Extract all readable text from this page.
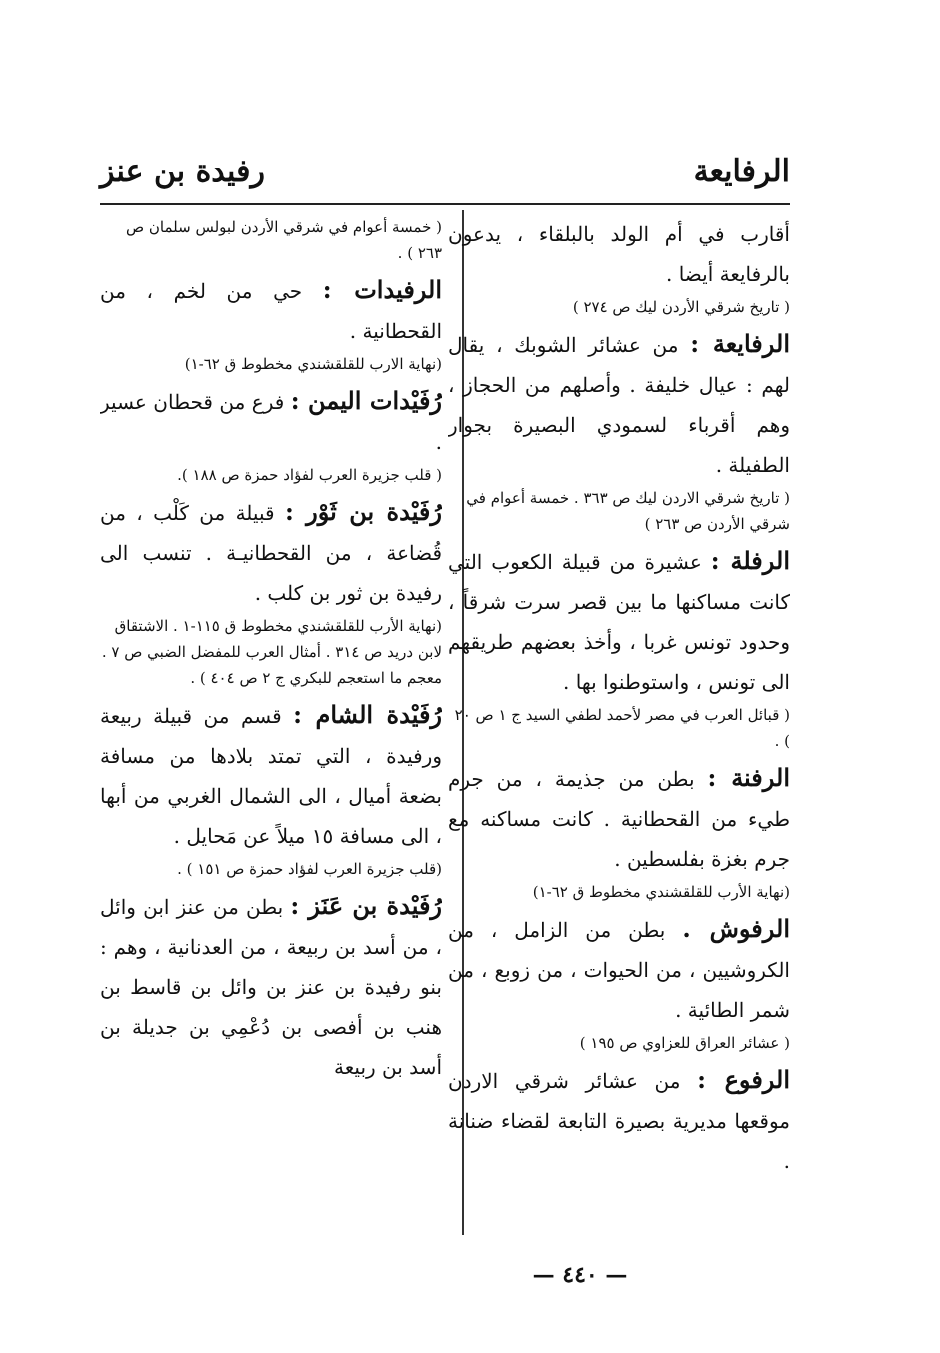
الرفايعة
رفيدة بن عنز

أقارب في أم الولد بالبلقاء ، يدعون بالرفايعة أيضا .

( تاريخ شرقي الأردن ليك ص ٢٧٤ )

الرفايعة : من عشائر الشوبك ، يقال لهم : عيال خليفة . وأصلهم من الحجاز ، وهم أقرباء لسمودي البصيرة بجوار الطفيلة .

( تاريخ شرقي الاردن ليك ص ٣٦٣ . خمسة أعوام في شرقي الأردن ص ٢٦٣ )

الرفلة : عشيرة من قبيلة الكعوب التي كانت مساكنها ما بين قصر سرت شرقاً ، وحدود تونس غربا ، وأخذ بعضهم طريقهم الى تونس ، واستوطنوا بها .

( قبائل العرب في مصر لأحمد لطفي السيد ج ١ ص ٢٠ ) .

الرفنة : بطن من جذيمة ، من جرم طيء من القحطانية . كانت مساكنه مع جرم بغزة بفلسطين .

(نهاية الأرب للقلقشندي مخطوط ق ٦٢-١)

الرفوش . بطن من الزامل ، من الكروشيين ، من الحيوات ، من زوبع ، من شمر الطائية .

( عشائر العراق للعزاوي ص ١٩٥ )

الرفوع : من عشائر شرقي الاردن موقعها مديرية بصيرة التابعة لقضاء ضنانة .

( خمسة أعوام في شرقي الأردن لبولس سلمان ص ٢٦٣ ) .

الرفيدات : حي من لخم ، من القحطانية .

(نهاية الارب للقلقشندي مخطوط ق ٦٢-١)

رُفَيْدات اليمن : فرع من قحطان عسير .

( قلب جزيرة العرب لفؤاد حمزة ص ١٨٨ ).

رُفَيْدة بن ثَوْر : قبيلة من كَلْب ، من قُضاعة ، من القحطانيـة . تنسب الى رفيدة بن ثور بن كلب .

(نهاية الأرب للقلقشندي مخطوط ق ١١٥-١ . الاشتقاق لابن دريد ص ٣١٤ . أمثال العرب للمفضل الضبي ص ٧ . معجم ما استعجم للبكري ج ٢ ص ٤٠٤ ) .

رُفَيْدة الشام : قسم من قبيلة ربيعة ورفيدة ، التي تمتد بلادها من مسافة بضعة أميال ، الى الشمال الغربي من أبها ، الى مسافة ١٥ ميلاً عن مَحايل .

(قلب جزيرة العرب لفؤاد حمزة ص ١٥١ ) .

رُفَيْدة بن عَنَز : بطن من عنز ابن وائل ، من أسد بن ربيعة ، من العدنانية ، وهم : بنو رفيدة بن عنز بن وائل بن قاسط بن هنب بن أفصى بن دُعْمِي بن جديلة بن أسد بن ربيعة

— ٤٤٠ —
